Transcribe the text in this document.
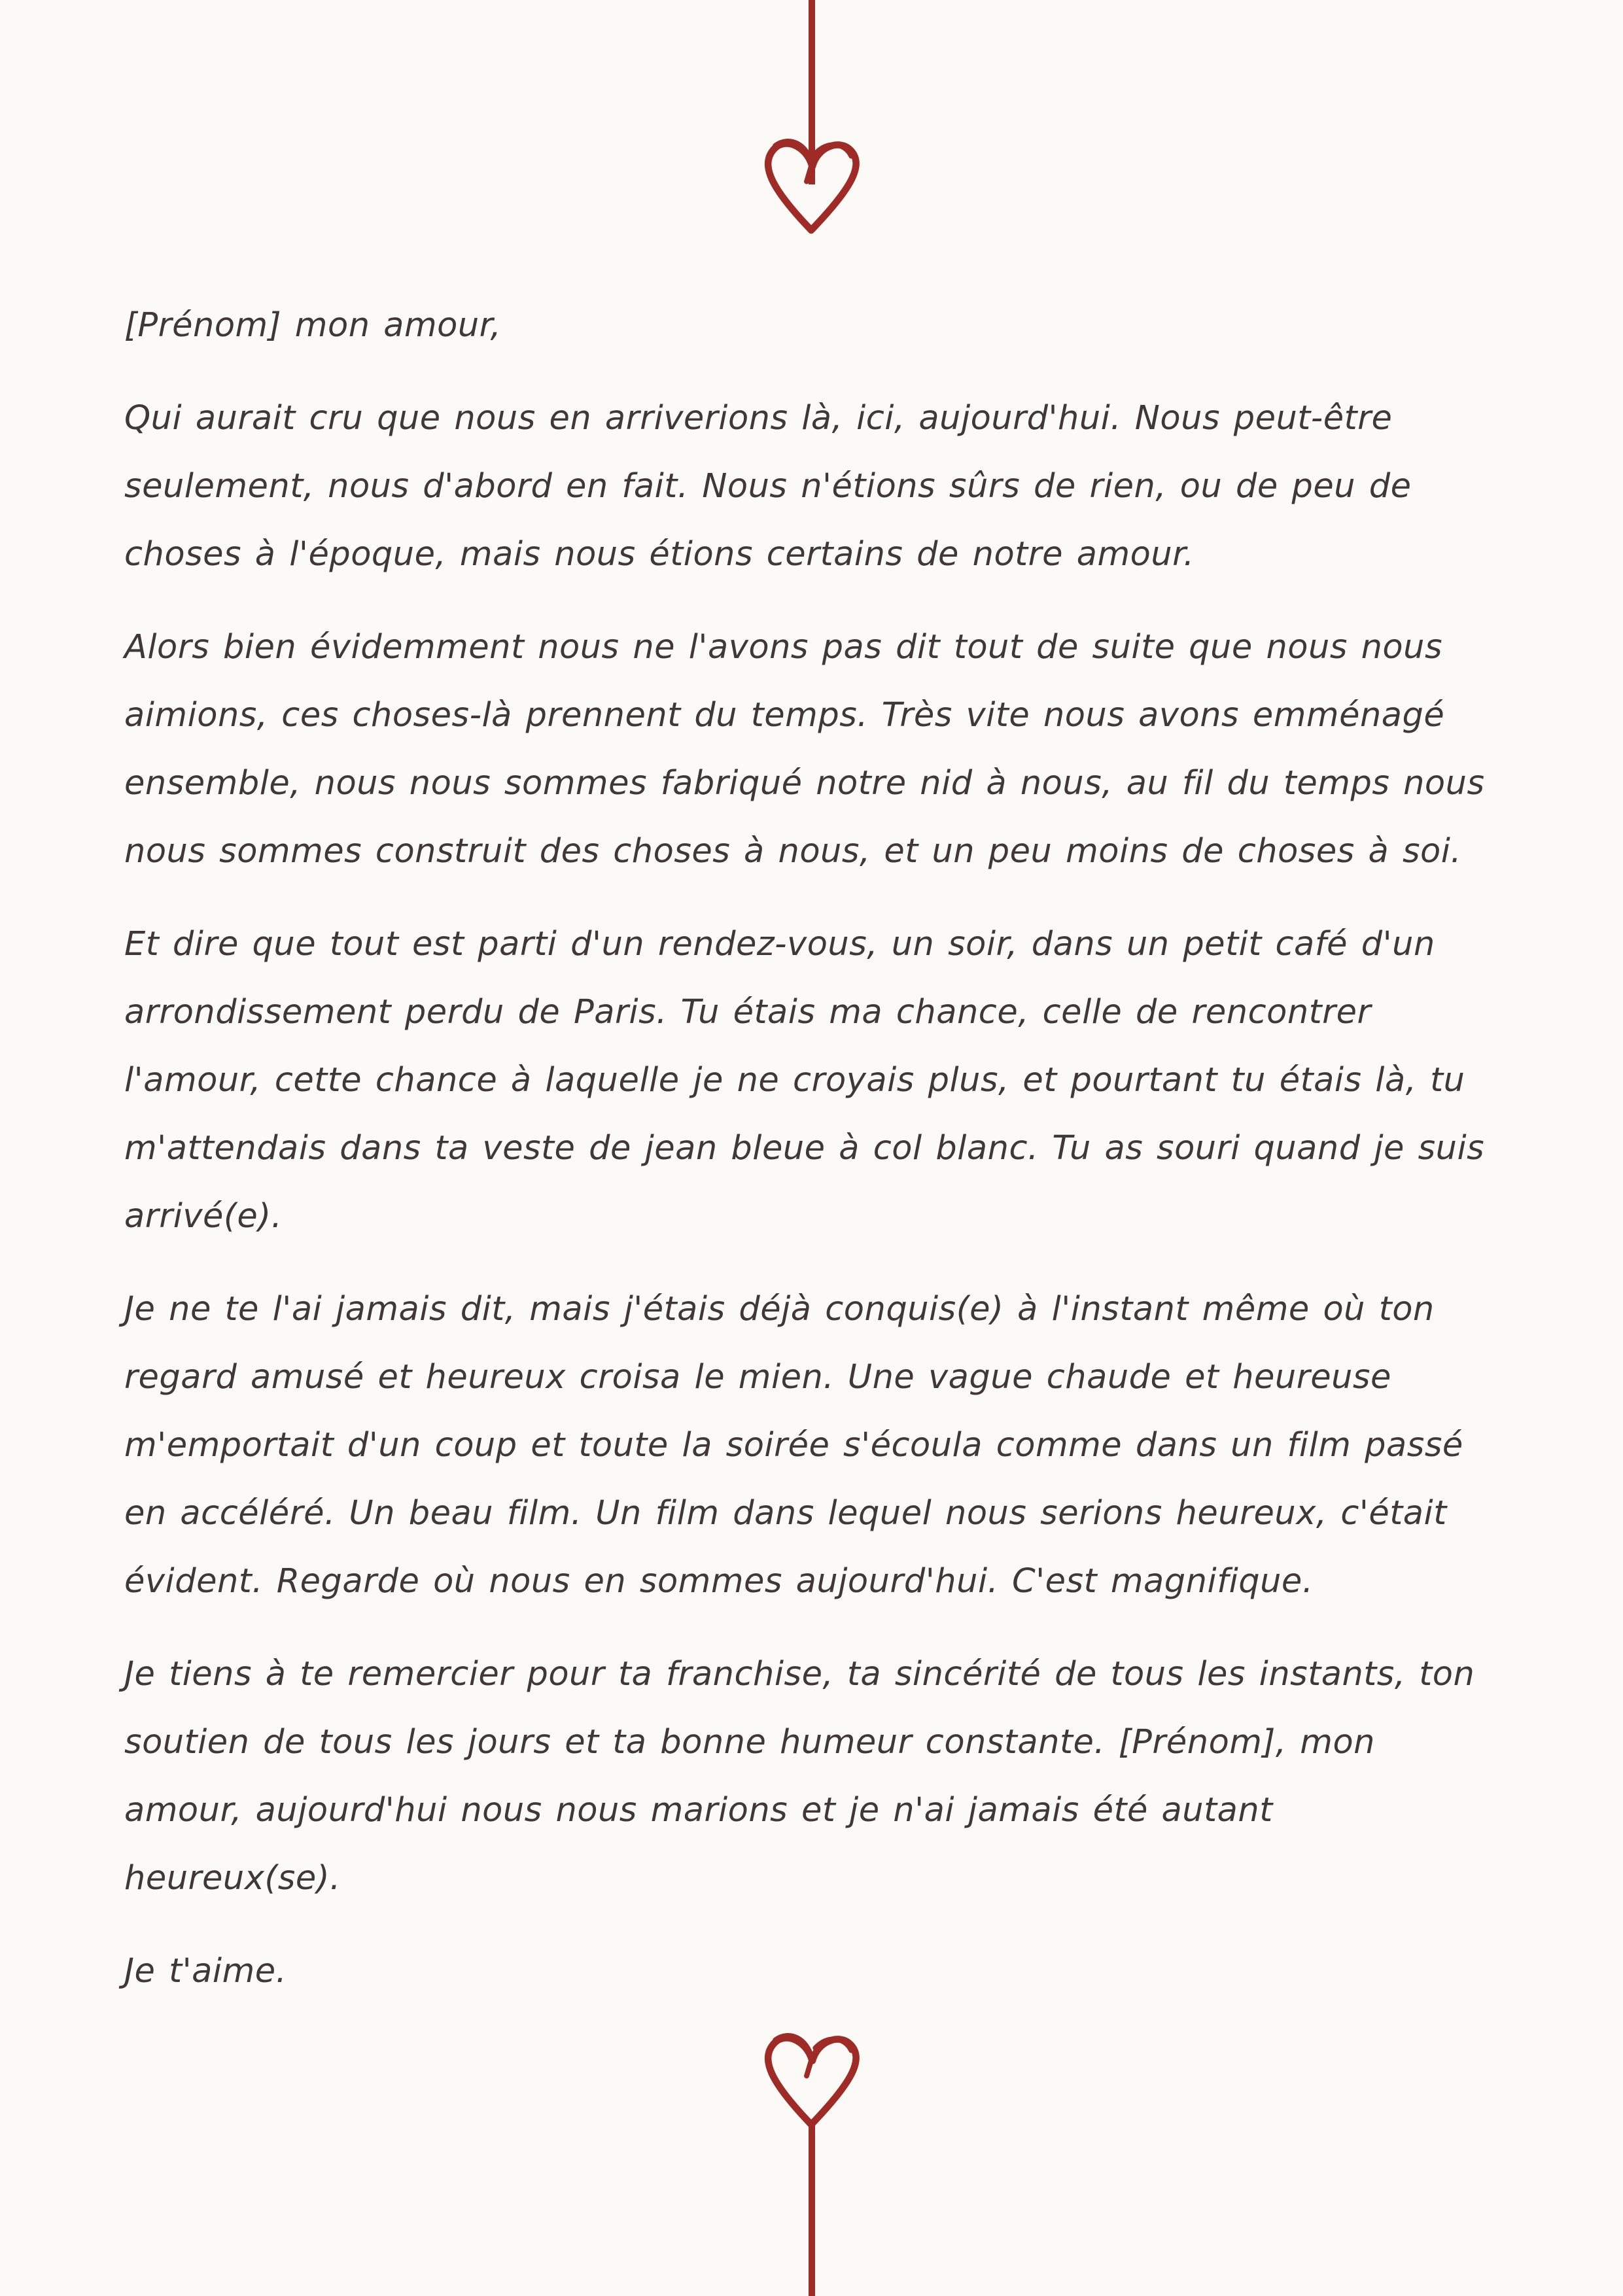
[Prénom] mon amour,

Qui aurait cru que nous en arriverions là, ici, aujourd'hui. Nous peut-être seulement, nous d'abord en fait. Nous n'étions sûrs de rien, ou de peu de choses à l'époque, mais nous étions certains de notre amour.

Alors bien évidemment nous ne l'avons pas dit tout de suite que nous nous aimions, ces choses-là prennent du temps. Très vite nous avons emménagé ensemble, nous nous sommes fabriqué notre nid à nous, au fil du temps nous nous sommes construit des choses à nous, et un peu moins de choses à soi.

Et dire que tout est parti d'un rendez-vous, un soir, dans un petit café d'un arrondissement perdu de Paris. Tu étais ma chance, celle de rencontrer l'amour, cette chance à laquelle je ne croyais plus, et pourtant tu étais là, tu m'attendais dans ta veste de jean bleue à col blanc. Tu as souri quand je suis arrivé(e).

Je ne te l'ai jamais dit, mais j'étais déjà conquis(e) à l'instant même où ton regard amusé et heureux croisa le mien. Une vague chaude et heureuse m'emportait d'un coup et toute la soirée s'écoula comme dans un film passé en accéléré. Un beau film. Un film dans lequel nous serions heureux, c'était évident. Regarde où nous en sommes aujourd'hui. C'est magnifique.

Je tiens à te remercier pour ta franchise, ta sincérité de tous les instants, ton soutien de tous les jours et ta bonne humeur constante. [Prénom], mon amour, aujourd'hui nous nous marions et je n'ai jamais été autant heureux(se).

Je t'aime.
